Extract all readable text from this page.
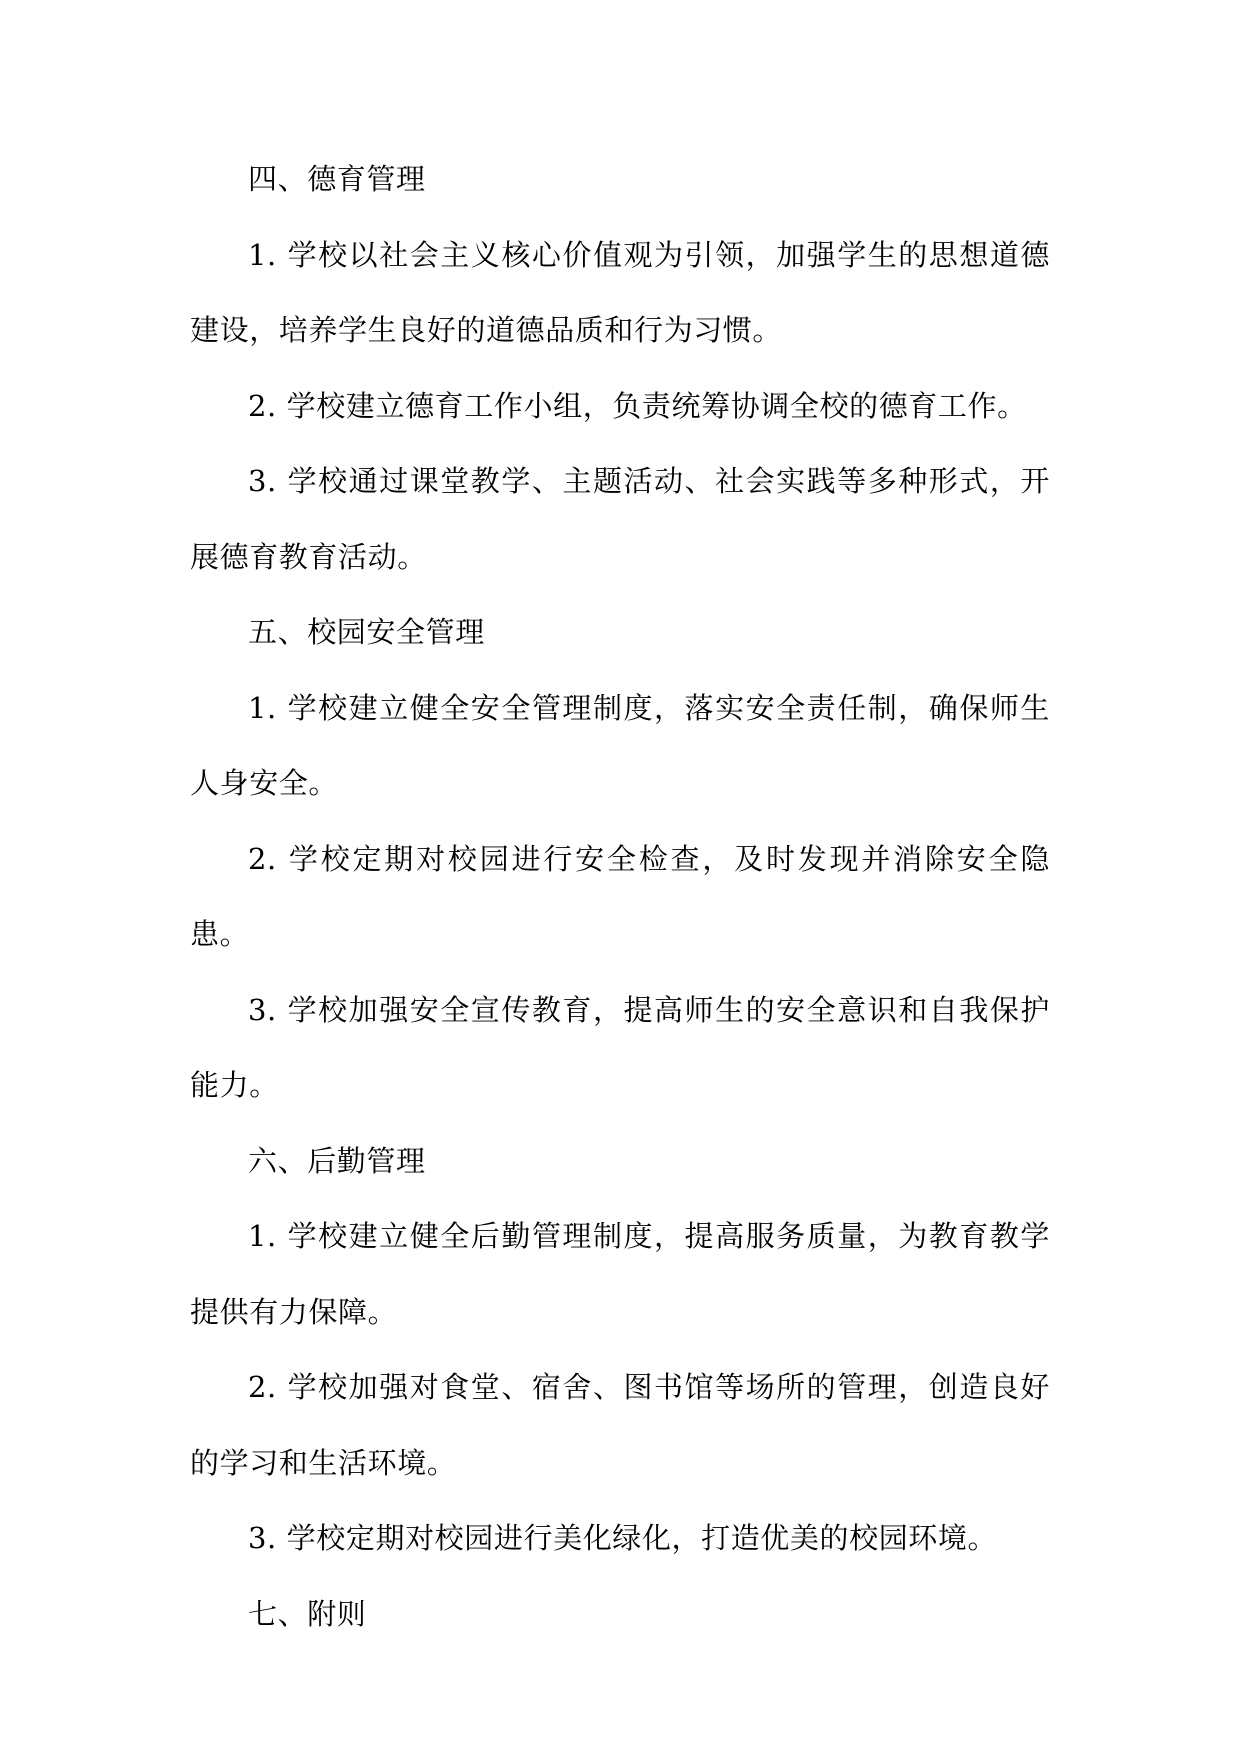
四、德育管理

1. 学校以社会主义核心价值观为引领，加强学生的思想道德建设，培养学生良好的道德品质和行为习惯。

2. 学校建立德育工作小组，负责统筹协调全校的德育工作。

3. 学校通过课堂教学、主题活动、社会实践等多种形式，开展德育教育活动。

五、校园安全管理

1. 学校建立健全安全管理制度，落实安全责任制，确保师生人身安全。

2. 学校定期对校园进行安全检查，及时发现并消除安全隐患。

3. 学校加强安全宣传教育，提高师生的安全意识和自我保护能力。

六、后勤管理

1. 学校建立健全后勤管理制度，提高服务质量，为教育教学提供有力保障。

2. 学校加强对食堂、宿舍、图书馆等场所的管理，创造良好的学习和生活环境。

3. 学校定期对校园进行美化绿化，打造优美的校园环境。

七、附则
